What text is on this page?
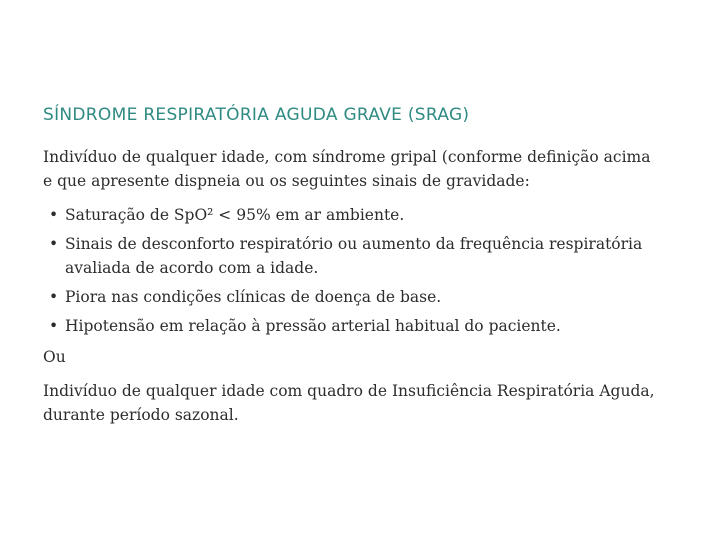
SÍNDROME RESPIRATÓRIA AGUDA GRAVE (SRAG)

Indivíduo de qualquer idade, com síndrome gripal (conforme definição acima
e que apresente dispneia ou os seguintes sinais de gravidade:

• Saturação de SpO² < 95% em ar ambiente.
• Sinais de desconforto respiratório ou aumento da frequência respiratória
avaliada de acordo com a idade.
• Piora nas condições clínicas de doença de base.
• Hipotensão em relação à pressão arterial habitual do paciente.

Ou

Indivíduo de qualquer idade com quadro de Insuficiência Respiratória Aguda,
durante período sazonal.
